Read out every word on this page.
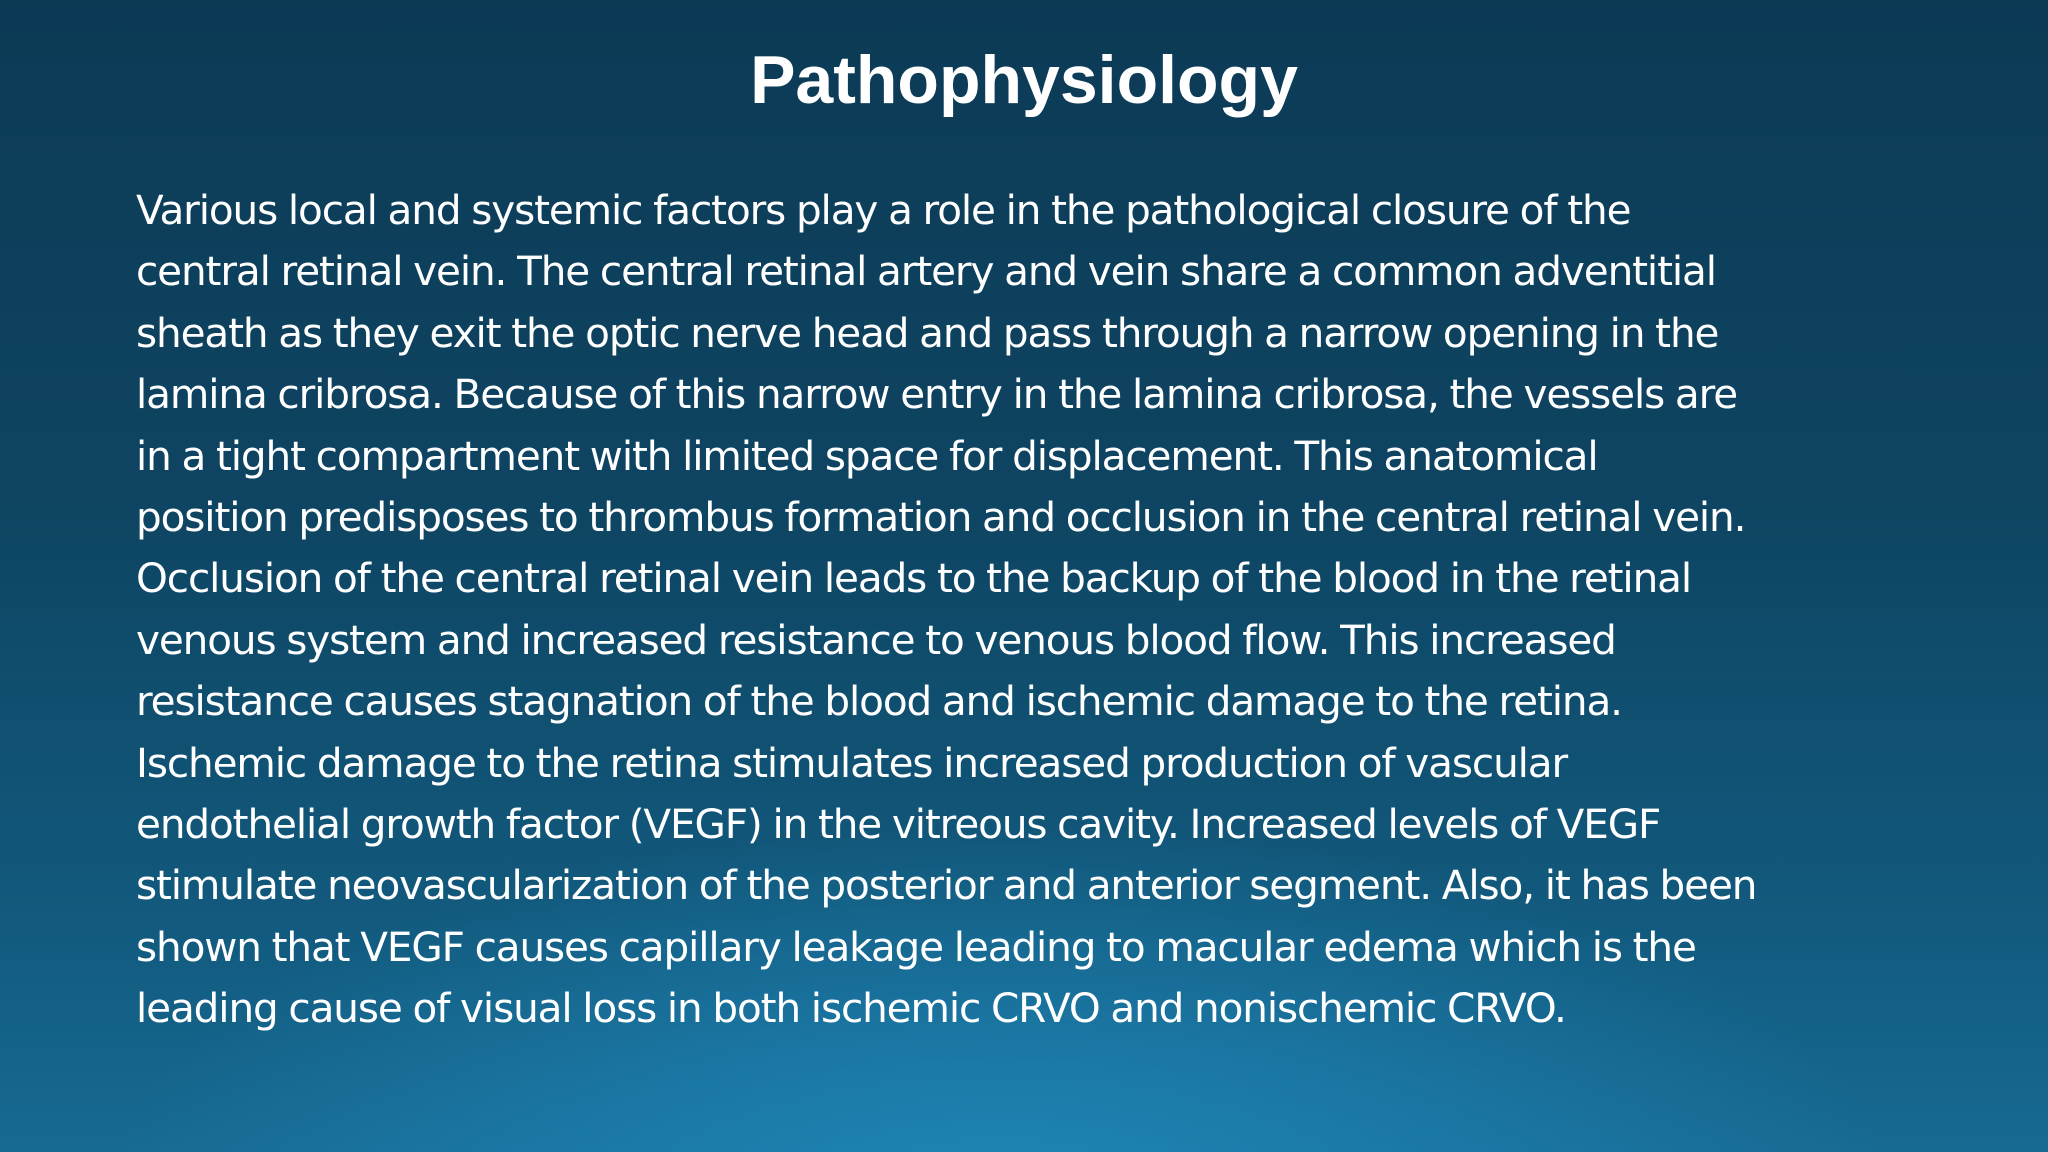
Pathophysiology
Various local and systemic factors play a role in the pathological closure of the
central retinal vein. The central retinal artery and vein share a common adventitial
sheath as they exit the optic nerve head and pass through a narrow opening in the
lamina cribrosa. Because of this narrow entry in the lamina cribrosa, the vessels are
in a tight compartment with limited space for displacement. This anatomical
position predisposes to thrombus formation and occlusion in the central retinal vein.
Occlusion of the central retinal vein leads to the backup of the blood in the retinal
venous system and increased resistance to venous blood flow. This increased
resistance causes stagnation of the blood and ischemic damage to the retina.
Ischemic damage to the retina stimulates increased production of vascular
endothelial growth factor (VEGF) in the vitreous cavity. Increased levels of VEGF
stimulate neovascularization of the posterior and anterior segment. Also, it has been
shown that VEGF causes capillary leakage leading to macular edema which is the
leading cause of visual loss in both ischemic CRVO and nonischemic CRVO.
